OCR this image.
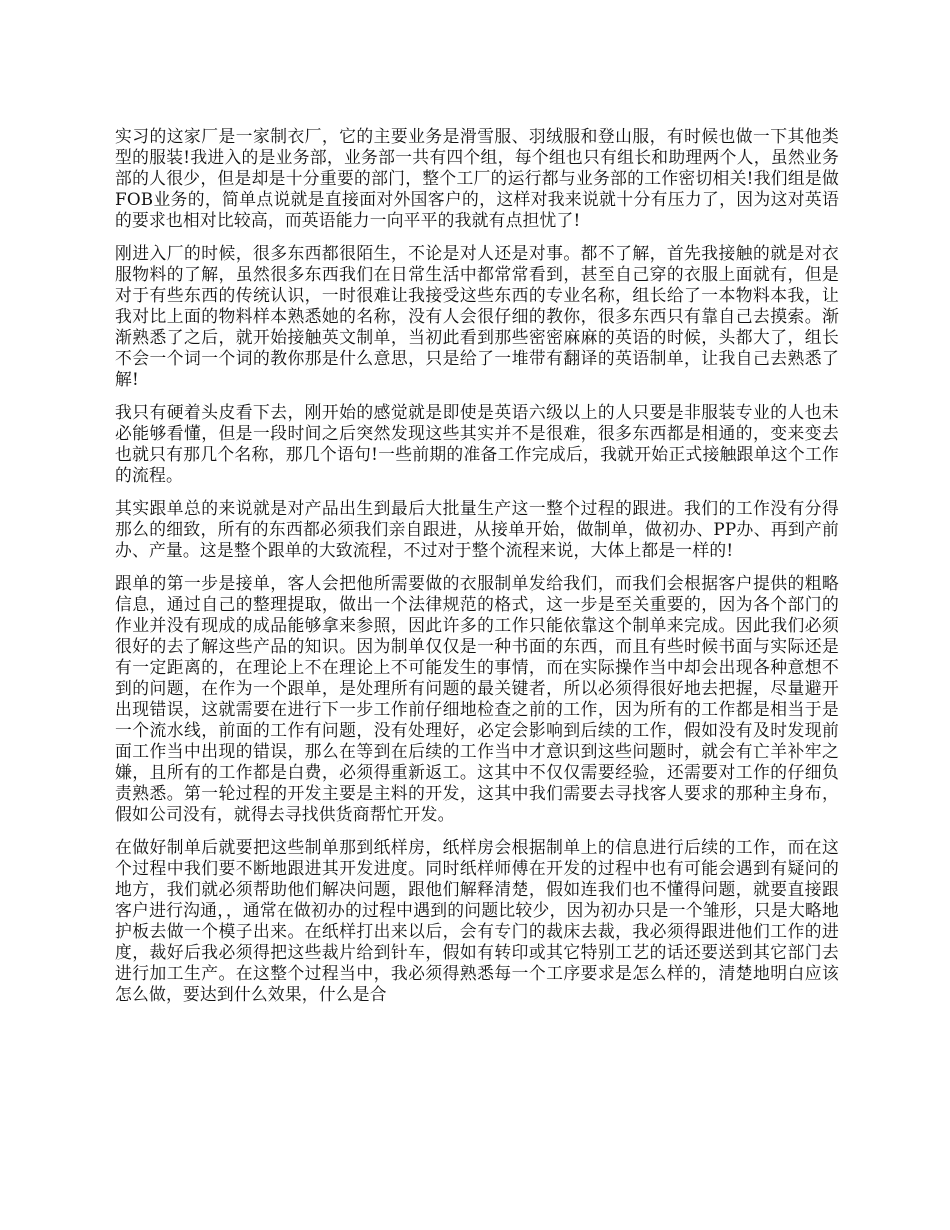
实习的这家厂是一家制衣厂，它的主要业务是滑雪服、羽绒服和登山服，有时候也做一下其他类型的服装!我进入的是业务部，业务部一共有四个组，每个组也只有组长和助理两个人，虽然业务部的人很少，但是却是十分重要的部门，整个工厂的运行都与业务部的工作密切相关!我们组是做FOB业务的，简单点说就是直接面对外国客户的，这样对我来说就十分有压力了，因为这对英语的要求也相对比较高，而英语能力一向平平的我就有点担忧了!

刚进入厂的时候，很多东西都很陌生，不论是对人还是对事。都不了解，首先我接触的就是对衣服物料的了解，虽然很多东西我们在日常生活中都常常看到，甚至自己穿的衣服上面就有，但是对于有些东西的传统认识，一时很难让我接受这些东西的专业名称，组长给了一本物料本我，让我对比上面的物料样本熟悉她的名称，没有人会很仔细的教你，很多东西只有靠自己去摸索。渐渐熟悉了之后，就开始接触英文制单，当初此看到那些密密麻麻的英语的时候，头都大了，组长不会一个词一个词的教你那是什么意思，只是给了一堆带有翻译的英语制单，让我自己去熟悉了解!

我只有硬着头皮看下去，刚开始的感觉就是即使是英语六级以上的人只要是非服装专业的人也未必能够看懂，但是一段时间之后突然发现这些其实并不是很难，很多东西都是相通的，变来变去也就只有那几个名称，那几个语句!一些前期的准备工作完成后，我就开始正式接触跟单这个工作的流程。

其实跟单总的来说就是对产品出生到最后大批量生产这一整个过程的跟进。我们的工作没有分得那么的细致，所有的东西都必须我们亲自跟进，从接单开始，做制单，做初办、PP办、再到产前办、产量。这是整个跟单的大致流程，不过对于整个流程来说，大体上都是一样的!

跟单的第一步是接单，客人会把他所需要做的衣服制单发给我们，而我们会根据客户提供的粗略信息，通过自己的整理提取，做出一个法律规范的格式，这一步是至关重要的，因为各个部门的作业并没有现成的成品能够拿来参照，因此许多的工作只能依靠这个制单来完成。因此我们必须很好的去了解这些产品的知识。因为制单仅仅是一种书面的东西，而且有些时候书面与实际还是有一定距离的，在理论上不在理论上不可能发生的事情，而在实际操作当中却会出现各种意想不到的问题，在作为一个跟单，是处理所有问题的最关键者，所以必须得很好地去把握，尽量避开出现错误，这就需要在进行下一步工作前仔细地检查之前的工作，因为所有的工作都是相当于是一个流水线，前面的工作有问题，没有处理好，必定会影响到后续的工作，假如没有及时发现前面工作当中出现的错误，那么在等到在后续的工作当中才意识到这些问题时，就会有亡羊补牢之嫌，且所有的工作都是白费，必须得重新返工。这其中不仅仅需要经验，还需要对工作的仔细负责熟悉。第一轮过程的开发主要是主料的开发，这其中我们需要去寻找客人要求的那种主身布，假如公司没有，就得去寻找供货商帮忙开发。

在做好制单后就要把这些制单那到纸样房，纸样房会根据制单上的信息进行后续的工作，而在这个过程中我们要不断地跟进其开发进度。同时纸样师傅在开发的过程中也有可能会遇到有疑问的地方，我们就必须帮助他们解决问题，跟他们解释清楚，假如连我们也不懂得问题，就要直接跟客户进行沟通，，通常在做初办的过程中遇到的问题比较少，因为初办只是一个雏形，只是大略地护板去做一个模子出来。在纸样打出来以后，会有专门的裁床去裁，我必须得跟进他们工作的进度，裁好后我必须得把这些裁片给到针车，假如有转印或其它特别工艺的话还要送到其它部门去进行加工生产。在这整个过程当中，我必须得熟悉每一个工序要求是怎么样的，清楚地明白应该怎么做，要达到什么效果，什么是合
